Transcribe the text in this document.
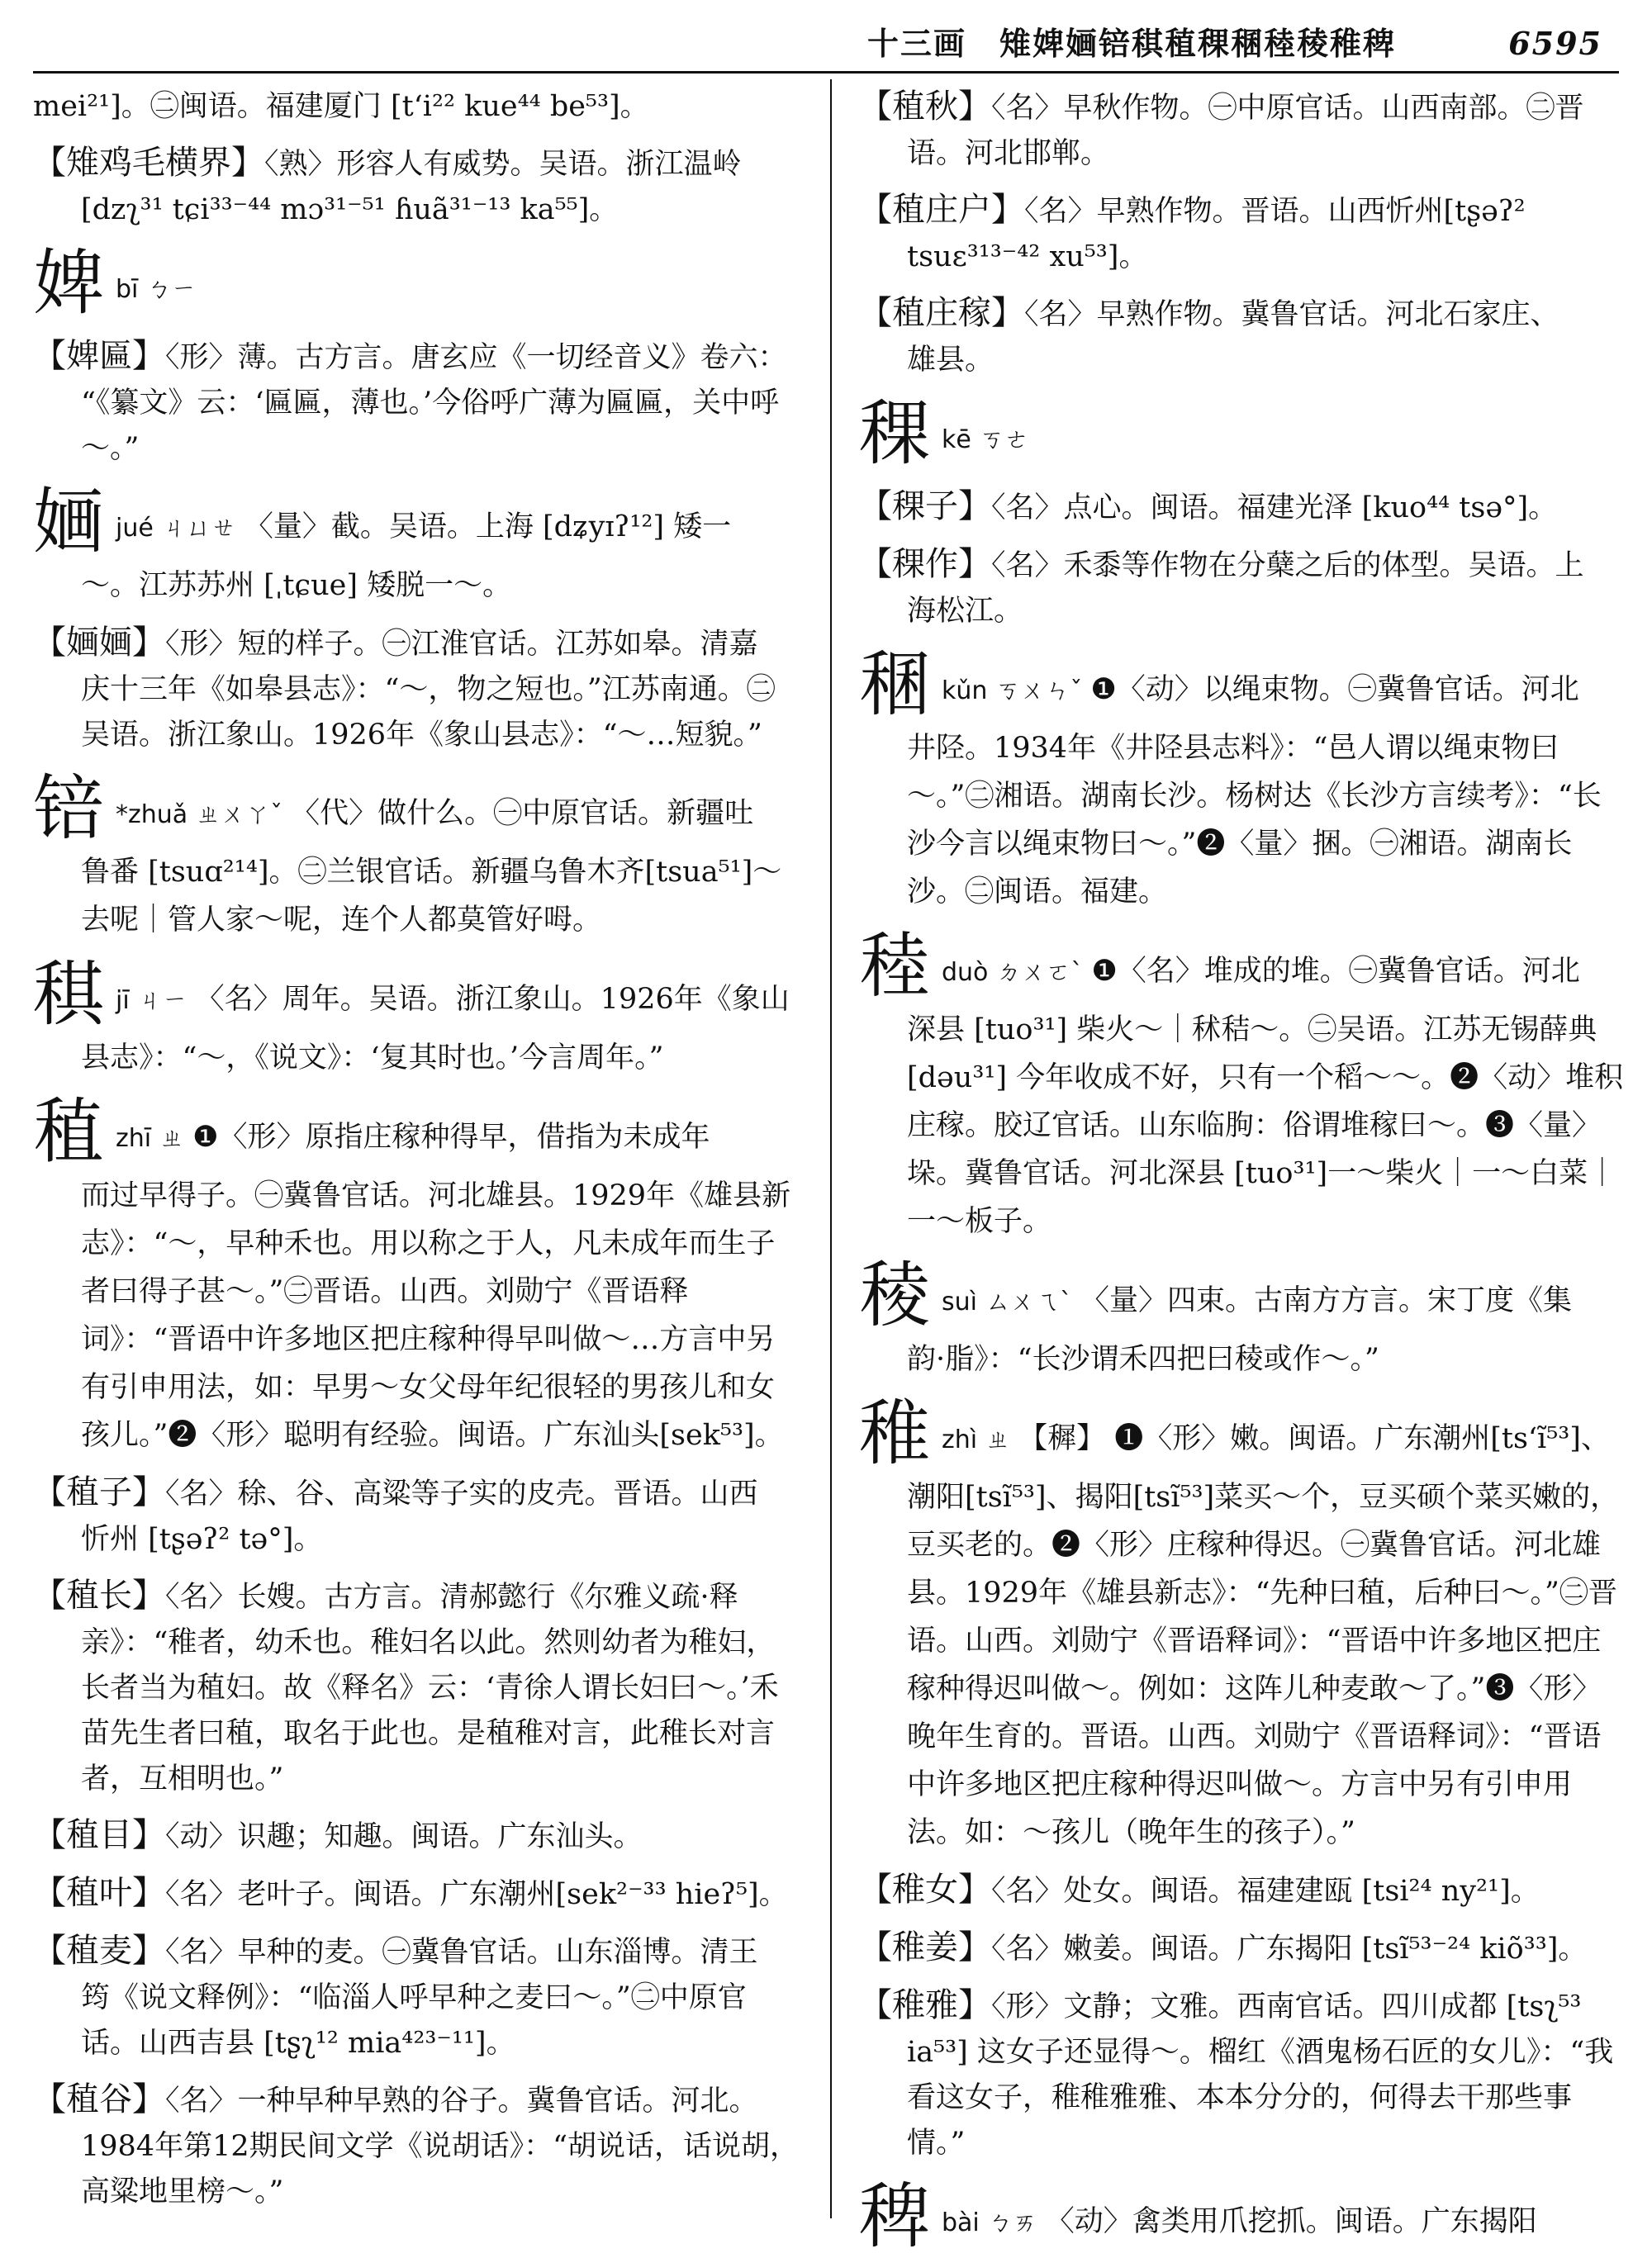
十三画　雉婢婳锫稘稙稞稛稑稜稚稗	6595
mei²¹]。㊁闽语。福建厦门 [tʻi²² kue⁴⁴ be⁵³]。
【 雉鸡毛横界 】 〈熟〉形容人有威势。吴语。浙江温岭
[dzʅ³¹ tɕi³³⁻⁴⁴ mɔ³¹⁻⁵¹ ɦuã³¹⁻¹³ ka⁵⁵]。
婢bī ㄅㄧ
【 婢匾 】 〈形〉薄。古方言。唐玄应《一切经音义》卷六：
“《纂文》云：‘匾匾，薄也。’今俗呼广薄为匾匾，关中呼～。”
婳jué ㄐㄩㄝ 〈量〉截。吴语。上海 [dʑyɪʔ¹²] 矮一
～。江苏苏州 [ˌtɕue] 矮脱一～。
【 婳婳 】 〈形〉短的样子。㊀江淮官话。江苏如皋。清嘉
庆十三年《如皋县志》：“～，物之短也。”江苏南通。㊁吴语。浙江象山。1926年《象山县志》：“～…短貌。”
锫 *zhuǎ ㄓㄨㄚˇ 〈代〉做什么。㊀中原官话。新疆吐
鲁番 [tsuɑ²¹⁴]。㊁兰银官话。新疆乌鲁木齐[tsua⁵¹]～去呢｜管人家～呢，连个人都莫管好呣。
稘jī ㄐㄧ 〈名〉周年。吴语。浙江象山。1926年《象山
县志》：“～，《说文》：‘复其时也。’今言周年。”
稙zhī ㄓ ❶〈形〉原指庄稼种得早，借指为未成年
而过早得子。㊀冀鲁官话。河北雄县。1929年《雄县新志》：“～，早种禾也。用以称之于人，凡未成年而生子者曰得子甚～。”㊁晋语。山西。刘勋宁《晋语释词》：“晋语中许多地区把庄稼种得早叫做～…方言中另有引申用法，如：早男～女父母年纪很轻的男孩儿和女孩儿。”❷〈形〉聪明有经验。闽语。广东汕头[sek⁵³]。
【 稙子 】 〈名〉稌、谷、高粱等子实的皮壳。晋语。山西
忻州 [tʂəʔ² tə°]。
【 稙长 】 〈名〉长嫂。古方言。清郝懿行《尔雅义疏·释
亲》：“稚者，幼禾也。稚妇名以此。然则幼者为稚妇，长者当为稙妇。故《释名》云：‘青徐人谓长妇曰～。’禾苗先生者曰稙，取名于此也。是稙稚对言，此稚长对言者，互相明也。”
【 稙目 】 〈动〉识趣；知趣。闽语。广东汕头。
【 稙叶 】 〈名〉老叶子。闽语。广东潮州[sek²⁻³³ hieʔ⁵]。
【 稙麦 】 〈名〉早种的麦。㊀冀鲁官话。山东淄博。清王
筠《说文释例》：“临淄人呼早种之麦曰～。”㊁中原官话。山西吉县 [tʂʅ¹² mia⁴²³⁻¹¹]。
【 稙谷 】 〈名〉一种早种早熟的谷子。冀鲁官话。河北。
1984年第12期民间文学《说胡话》：“胡说话，话说胡，高粱地里榜～。”
【 稙秋 】 〈名〉早秋作物。㊀中原官话。山西南部。㊁晋
语。河北邯郸。
【 稙庄户 】 〈名〉早熟作物。晋语。山西忻州[tʂəʔ²
tsuɛ³¹³⁻⁴² xu⁵³]。
【 稙庄稼 】 〈名〉早熟作物。冀鲁官话。河北石家庄、
雄县。
稞kē ㄎㄜ
【 稞子 】 〈名〉点心。闽语。福建光泽 [kuo⁴⁴ tsə°]。
【 稞作 】 〈名〉禾黍等作物在分蘖之后的体型。吴语。上
海松江。
稛kǔn ㄎㄨㄣˇ ❶〈动〉以绳束物。㊀冀鲁官话。河北
井陉。1934年《井陉县志料》：“邑人谓以绳束物曰～。”㊁湘语。湖南长沙。杨树达《长沙方言续考》：“长沙今言以绳束物曰～。”❷〈量〉捆。㊀湘语。湖南长沙。㊁闽语。福建。
稑duò ㄉㄨㄛˋ ❶〈名〉堆成的堆。㊀冀鲁官话。河北
深县 [tuo³¹] 柴火～｜秫秸～。㊁吴语。江苏无锡薛典 [dəu³¹] 今年收成不好，只有一个稻～～。❷〈动〉堆积庄稼。胶辽官话。山东临朐：俗谓堆稼曰～。❸〈量〉垛。冀鲁官话。河北深县 [tuo³¹]一～柴火｜一～白菜｜一～板子。
稜suì ㄙㄨㄟˋ 〈量〉四束。古南方方言。宋丁度《集
韵·脂》：“长沙谓禾四把曰稜或作～。”
稚zhì ㄓ 【穉】 ❶〈形〉嫩。闽语。广东潮州[tsʻĩ⁵³]、
潮阳[tsĩ⁵³]、揭阳[tsĩ⁵³]菜买～个，豆买硕个菜买嫩的，豆买老的。❷〈形〉庄稼种得迟。㊀冀鲁官话。河北雄县。1929年《雄县新志》：“先种曰稙，后种曰～。”㊁晋语。山西。刘勋宁《晋语释词》：“晋语中许多地区把庄稼种得迟叫做～。例如：这阵儿种麦敢～了。”❸〈形〉晚年生育的。晋语。山西。刘勋宁《晋语释词》：“晋语中许多地区把庄稼种得迟叫做～。方言中另有引申用法。如：～孩儿（晚年生的孩子）。”
【 稚女 】 〈名〉处女。闽语。福建建瓯 [tsi²⁴ ny²¹]。
【 稚姜 】 〈名〉嫩姜。闽语。广东揭阳 [tsĩ⁵³⁻²⁴ kiõ³³]。
【 稚雅 】 〈形〉文静；文雅。西南官话。四川成都 [tsʅ⁵³
ia⁵³] 这女子还显得～。榴红《酒鬼杨石匠的女儿》：“我看这女子，稚稚雅雅、本本分分的，何得去干那些事情。”
稗bài ㄅㄞ 〈动〉禽类用爪挖抓。闽语。广东揭阳
